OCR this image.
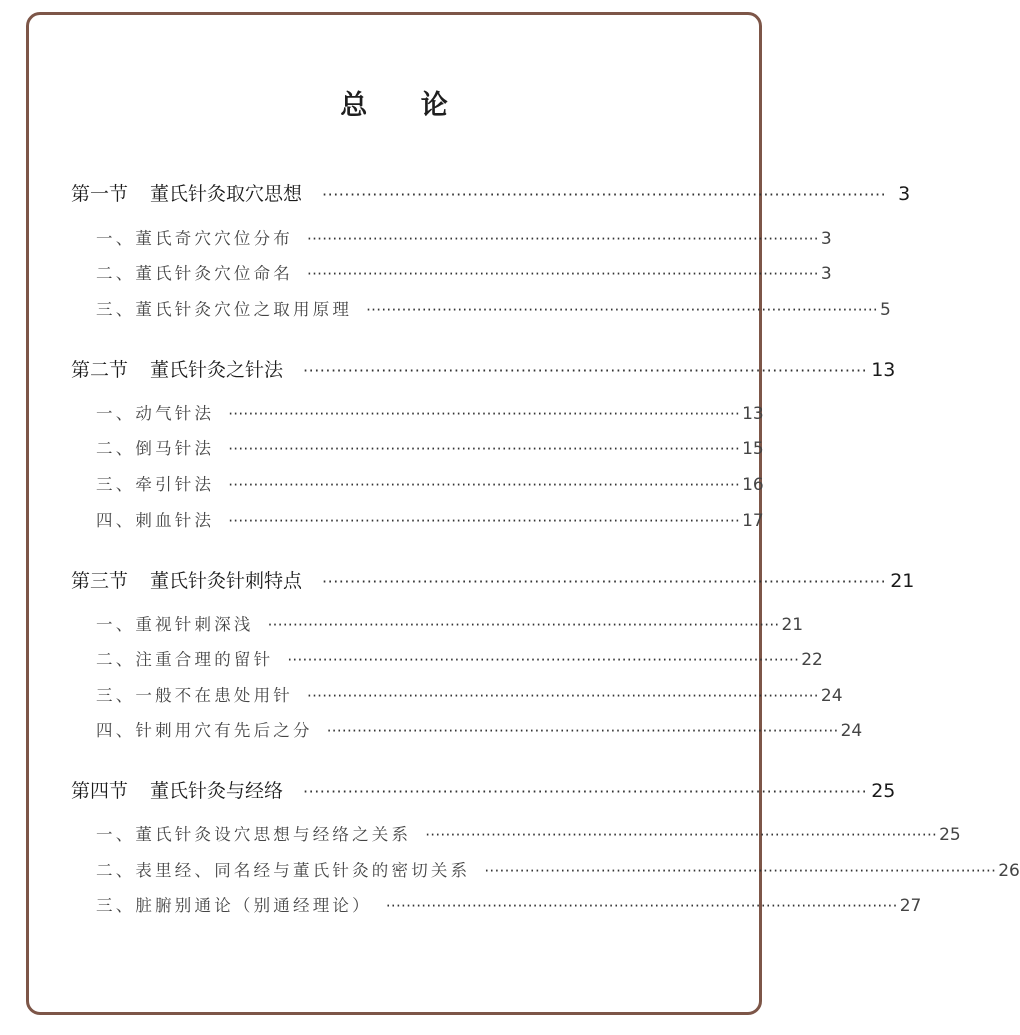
总 论
第一节 董氏针灸取穴思想 ····································································································· 3
一、董氏奇穴穴位分布 ····································································································· 3
二、董氏针灸穴位命名 ····································································································· 3
三、董氏针灸穴位之取用原理 ····································································································· 5
第二节 董氏针灸之针法 ····································································································· 13
一、动气针法 ····································································································· 13
二、倒马针法 ····································································································· 15
三、牵引针法 ····································································································· 16
四、刺血针法 ····································································································· 17
第三节 董氏针灸针刺特点 ····································································································· 21
一、重视针刺深浅 ····································································································· 21
二、注重合理的留针 ····································································································· 22
三、一般不在患处用针 ····································································································· 24
四、针刺用穴有先后之分 ····································································································· 24
第四节 董氏针灸与经络 ····································································································· 25
一、董氏针灸设穴思想与经络之关系 ····································································································· 25
二、表里经、同名经与董氏针灸的密切关系 ····································································································· 26
三、脏腑别通论（别通经理论） ····································································································· 27
